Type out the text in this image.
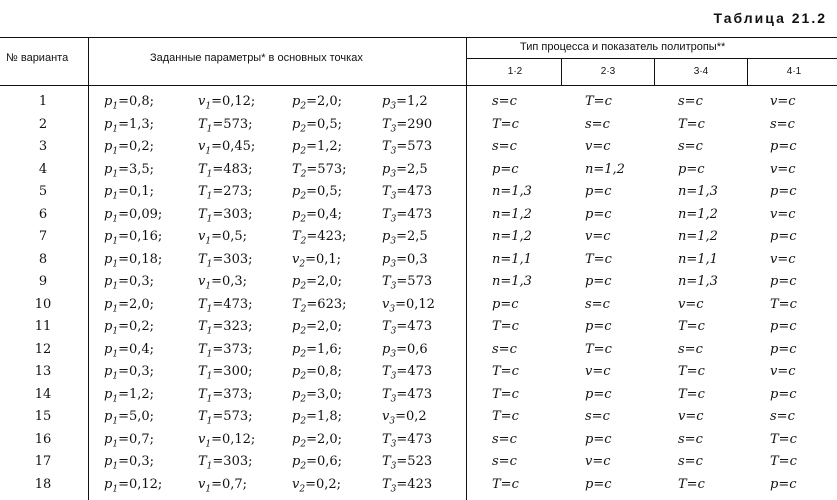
Таблица 21.2
№ варианта	Заданные параметры* в основных точках
Тип процесса и показатель политропы**
1·2	2·3	3·4	4·1
1	$p_1=0,8$;	$v_1=0,12$;	$p_2=2,0$;	$p_3=1,2$	s=c	T=c	s=c	v=c
2	$p_1=1,3$;	$T_1=573$;	$p_2=0,5$;	$T_3=290$	T=c	s=c	T=c	s=c
3	$p_1=0,2$;	$v_1=0,45$;	$p_2=1,2$;	$T_3=573$	s=c	v=c	s=c	p=c
4	$p_1=3,5$;	$T_1=483$;	$T_2=573$;	$p_3=2,5$	p=c	n=1,2	p=c	v=c
5	$p_1=0,1$;	$T_1=273$;	$p_2=0,5$;	$T_3=473$	n=1,3	p=c	n=1,3	p=c
6	$p_1=0,09$;	$T_1=303$;	$p_2=0,4$;	$T_3=473$	n=1,2	p=c	n=1,2	v=c
7	$p_1=0,16$;	$v_1=0,5$;	$T_2=423$;	$p_3=2,5$	n=1,2	v=c	n=1,2	p=c
8	$p_1=0,18$;	$T_1=303$;	$v_2=0,1$;	$p_3=0,3$	n=1,1	T=c	n=1,1	v=c
9	$p_1=0,3$;	$v_1=0,3$;	$p_2=2,0$;	$T_3=573$	n=1,3	p=c	n=1,3	p=c
10	$p_1=2,0$;	$T_1=473$;	$T_2=623$;	$v_3=0,12$	p=c	s=c	v=c	T=c
11	$p_1=0,2$;	$T_1=323$;	$p_2=2,0$;	$T_3=473$	T=c	p=c	T=c	p=c
12	$p_1=0,4$;	$T_1=373$;	$p_2=1,6$;	$p_3=0,6$	s=c	T=c	s=c	p=c
13	$p_1=0,3$;	$T_1=300$;	$p_2=0,8$;	$T_3=473$	T=c	v=c	T=c	v=c
14	$p_1=1,2$;	$T_1=373$;	$p_2=3,0$;	$T_3=473$	T=c	p=c	T=c	p=c
15	$p_1=5,0$;	$T_1=573$;	$p_2=1,8$;	$v_3=0,2$	T=c	s=c	v=c	s=c
16	$p_1=0,7$;	$v_1=0,12$;	$p_2=2,0$;	$T_3=473$	s=c	p=c	s=c	T=c
17	$p_1=0,3$;	$T_1=303$;	$p_2=0,6$;	$T_3=523$	s=c	v=c	s=c	T=c
18	$p_1=0,12$;	$v_1=0,7$;	$v_2=0,2$;	$T_3=423$	T=c	p=c	T=c	p=c
